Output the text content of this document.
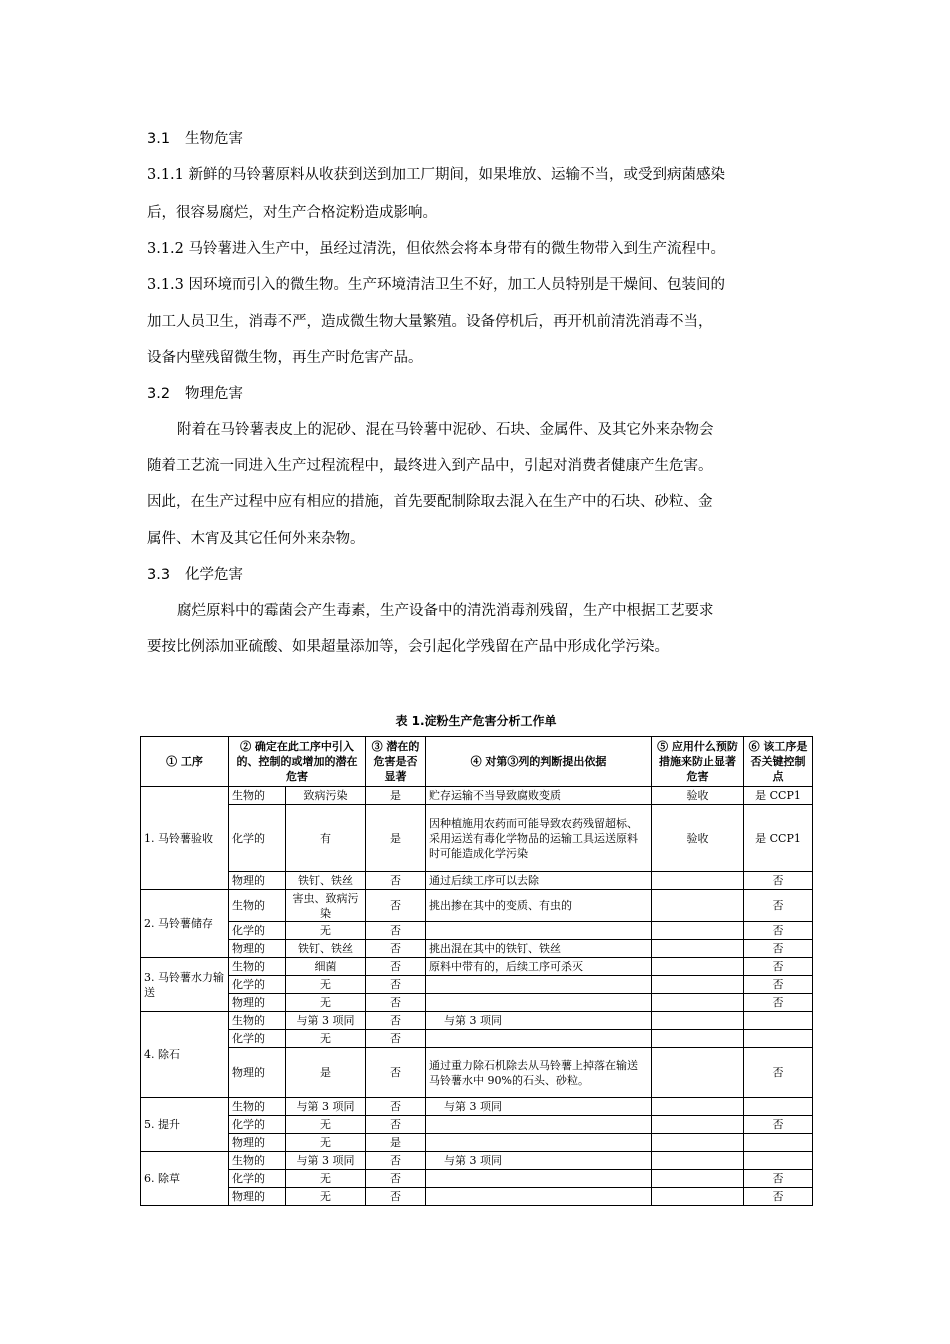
3.1 生物危害
3.1.1 新鲜的马铃薯原料从收获到送到加工厂期间，如果堆放、运输不当，或受到病菌感染
后，很容易腐烂，对生产合格淀粉造成影响。
3.1.2 马铃薯进入生产中，虽经过清洗，但依然会将本身带有的微生物带入到生产流程中。
3.1.3 因环境而引入的微生物。生产环境清洁卫生不好，加工人员特别是干燥间、包装间的
加工人员卫生，消毒不严，造成微生物大量繁殖。设备停机后，再开机前清洗消毒不当，
设备内壁残留微生物，再生产时危害产品。
3.2 物理危害
附着在马铃薯表皮上的泥砂、混在马铃薯中泥砂、石块、金属件、及其它外来杂物会
随着工艺流一同进入生产过程流程中，最终进入到产品中，引起对消费者健康产生危害。
因此，在生产过程中应有相应的措施，首先要配制除取去混入在生产中的石块、砂粒、金
属件、木宵及其它任何外来杂物。
3.3 化学危害
腐烂原料中的霉菌会产生毒素，生产设备中的清洗消毒剂残留，生产中根据工艺要求
要按比例添加亚硫酸、如果超量添加等，会引起化学残留在产品中形成化学污染。
表 1.淀粉生产危害分析工作单
① 工序	② 确定在此工序中引入的、控制的或增加的潜在危害		③ 潜在的危害是否显著	④ 对第③列的判断提出依据	⑤ 应用什么预防措施来防止显著危害	⑥ 该工序是否关键控制点
1. 马铃薯验收	生物的	致病污染	是	贮存运输不当导致腐败变质	验收	是 CCP1
	化学的	有	是	因种植施用农药而可能导致农药残留超标、采用运送有毒化学物品的运输工具运送原料时可能造成化学污染	验收	是 CCP1
	物理的	铁钉、铁丝	否	通过后续工序可以去除		否
2. 马铃薯储存	生物的	害虫、致病污染	否	挑出掺在其中的变质、有虫的		否
	化学的	无	否			否
	物理的	铁钉、铁丝	否	挑出混在其中的铁钉、铁丝		否
3. 马铃薯水力输送	生物的	细菌	否	原料中带有的，后续工序可杀灭		否
	化学的	无	否			否
	物理的	无	否			否
4. 除石	生物的	与第 3 项同	否	与第 3 项同		
	化学的	无	否			
	物理的	是	否	通过重力除石机除去从马铃薯上掉落在输送马铃薯水中 90%的石头、砂粒。		否
5. 提升	生物的	与第 3 项同	否	与第 3 项同		
	化学的	无	否			否
	物理的	无	是			
6. 除草	生物的	与第 3 项同	否	与第 3 项同		
	化学的	无	否			否
	物理的	无	否			否
